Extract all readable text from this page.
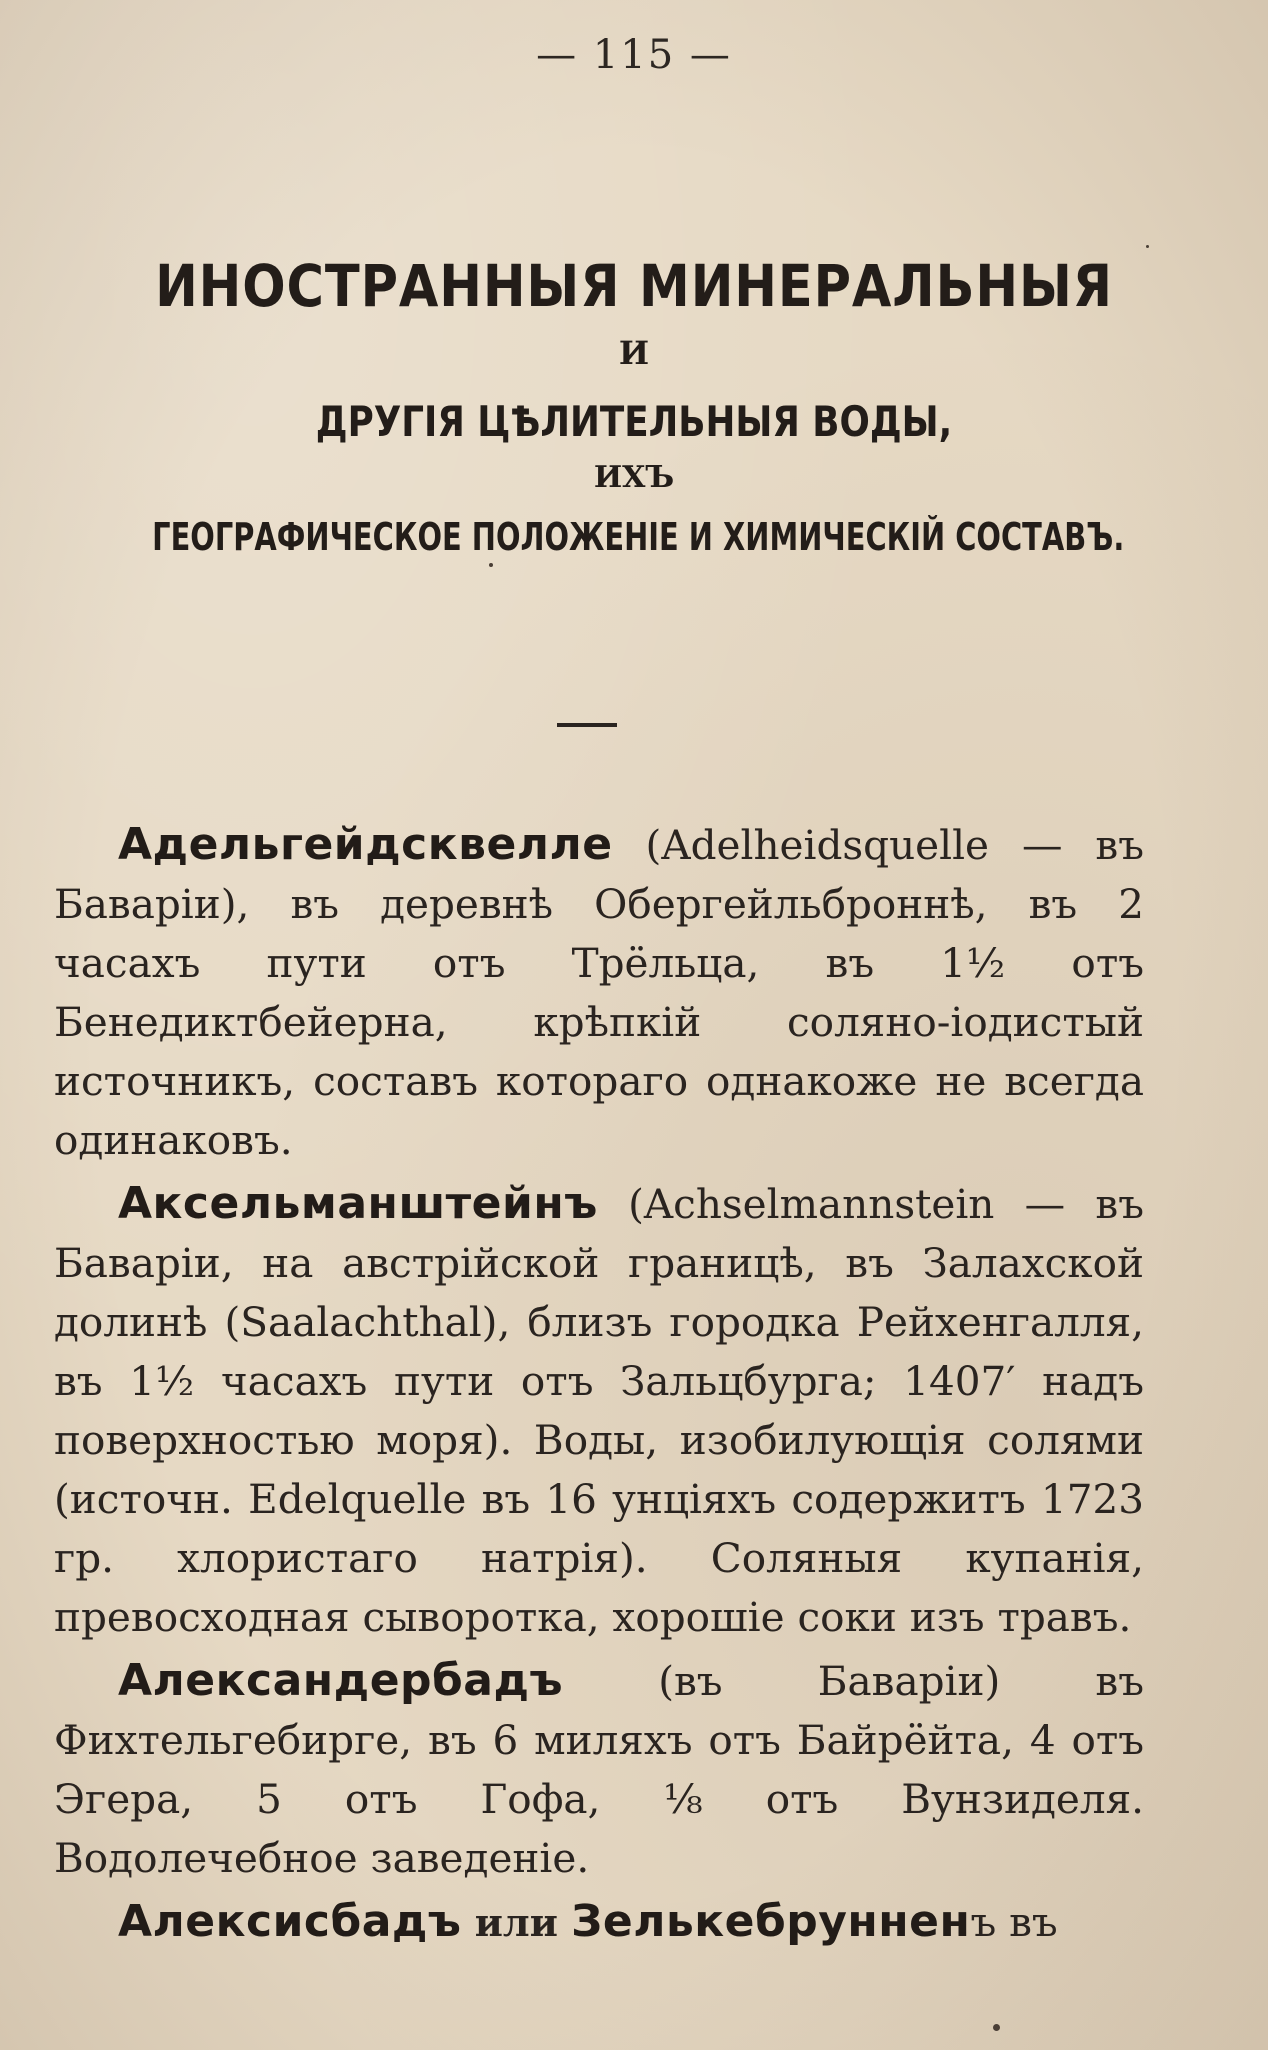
— 115 —
ИНОСТРАННЫЯ МИНЕРАЛЬНЫЯ
И
ДРУГІЯ ЦѢЛИТЕЛЬНЫЯ ВОДЫ,
ИХЪ
ГЕОГРАФИЧЕСКОЕ ПОЛОЖЕНІЕ И ХИМИЧЕСКІЙ СОСТАВЪ.

Адельгейдсквелле (Adelheidsquelle — въ Баваріи), въ деревнѣ Обергейльброннѣ, въ 2 часахъ пути отъ Трёльца, въ 1½ отъ Бенедиктбейерна, крѣпкій соляно-іодистый источникъ, составъ котораго однакоже не всегда одинаковъ.

Аксельманштейнъ (Achselmannstein — въ Баваріи, на австрійской границѣ, въ Залахской долинѣ (Saalachthal), близъ городка Рейхенгалля, въ 1½ часахъ пути отъ Зальцбурга; 1407′ надъ поверхностью моря). Воды, изобилующія солями (источн. Edelquelle въ 16 унціяхъ содержитъ 1723 гр. хлористаго натрія). Соляныя купанія, превосходная сыворотка, хорошіе соки изъ травъ.

Александербадъ (въ Баваріи) въ Фихтельгебирге, въ 6 миляхъ отъ Байрёйта, 4 отъ Эгера, 5 отъ Гофа, ⅛ отъ Вунзиделя. Водолечебное заведеніе.

Алексисбадъ или Зелькебрунненъ въ
